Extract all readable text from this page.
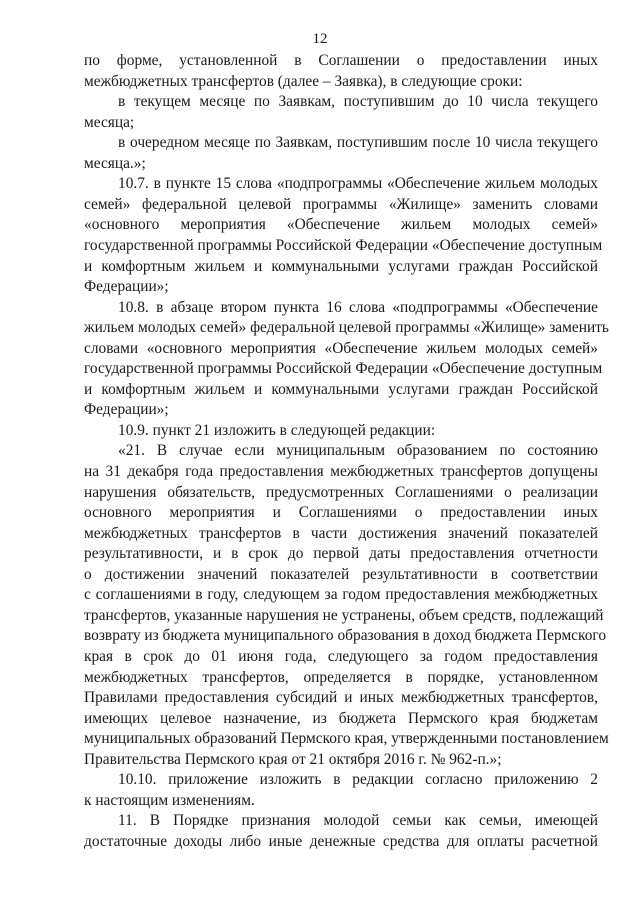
12
по форме, установленной в Соглашении о предоставлении иных
межбюджетных трансфертов (далее – Заявка), в следующие сроки:
в текущем месяце по Заявкам, поступившим до 10 числа текущего
месяца;
в очередном месяце по Заявкам, поступившим после 10 числа текущего
месяца.»;
10.7. в пункте 15 слова «подпрограммы «Обеспечение жильем молодых
семей» федеральной целевой программы «Жилище» заменить словами
«основного мероприятия «Обеспечение жильем молодых семей»
государственной программы Российской Федерации «Обеспечение доступным
и комфортным жильем и коммунальными услугами граждан Российской
Федерации»;
10.8. в абзаце втором пункта 16 слова «подпрограммы «Обеспечение
жильем молодых семей» федеральной целевой программы «Жилище» заменить
словами «основного мероприятия «Обеспечение жильем молодых семей»
государственной программы Российской Федерации «Обеспечение доступным
и комфортным жильем и коммунальными услугами граждан Российской
Федерации»;
10.9. пункт 21 изложить в следующей редакции:
«21. В случае если муниципальным образованием по состоянию
на 31 декабря года предоставления межбюджетных трансфертов допущены
нарушения обязательств, предусмотренных Соглашениями о реализации
основного мероприятия и Соглашениями о предоставлении иных
межбюджетных трансфертов в части достижения значений показателей
результативности, и в срок до первой даты предоставления отчетности
о достижении значений показателей результативности в соответствии
с соглашениями в году, следующем за годом предоставления межбюджетных
трансфертов, указанные нарушения не устранены, объем средств, подлежащий
возврату из бюджета муниципального образования в доход бюджета Пермского
края в срок до 01 июня года, следующего за годом предоставления
межбюджетных трансфертов, определяется в порядке, установленном
Правилами предоставления субсидий и иных межбюджетных трансфертов,
имеющих целевое назначение, из бюджета Пермского края бюджетам
муниципальных образований Пермского края, утвержденными постановлением
Правительства Пермского края от 21 октября 2016 г. № 962-п.»;
10.10. приложение изложить в редакции согласно приложению 2
к настоящим изменениям.
11. В Порядке признания молодой семьи как семьи, имеющей
достаточные доходы либо иные денежные средства для оплаты расчетной
